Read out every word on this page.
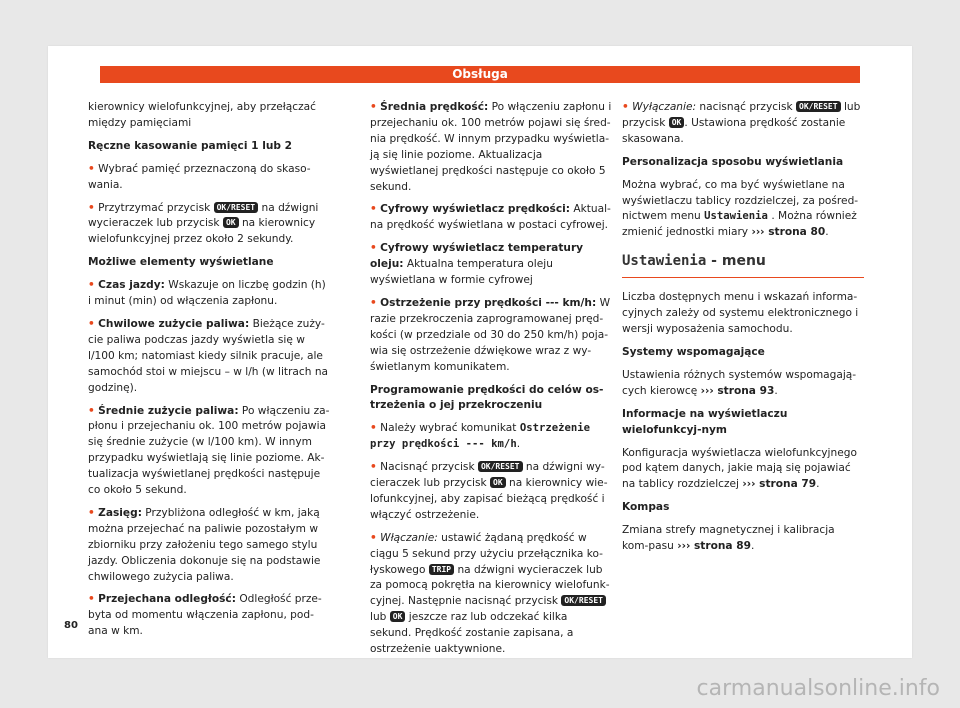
Obsługa

kierownicy wielofunkcyjnej, aby przełączać między pamięciami

Ręczne kasowanie pamięci 1 lub 2

• Wybrać pamięć przeznaczoną do skaso-wania.

• Przytrzymać przycisk OK/RESET na dźwigni wycieraczek lub przycisk OK na kierownicy wielofunkcyjnej przez około 2 sekundy.

Możliwe elementy wyświetlane

• Czas jazdy: Wskazuje on liczbę godzin (h) i minut (min) od włączenia zapłonu.

• Chwilowe zużycie paliwa: Bieżące zuży-cie paliwa podczas jazdy wyświetla się w l/100 km; natomiast kiedy silnik pracuje, ale samochód stoi w miejscu – w l/h (w litrach na godzinę).

• Średnie zużycie paliwa: Po włączeniu za-płonu i przejechaniu ok. 100 metrów pojawia się średnie zużycie (w l/100 km). W innym przypadku wyświetlają się linie poziome. Ak-tualizacja wyświetlanej prędkości następuje co około 5 sekund.

• Zasięg: Przybliżona odległość w km, jaką można przejechać na paliwie pozostałym w zbiorniku przy założeniu tego samego stylu jazdy. Obliczenia dokonuje się na podstawie chwilowego zużycia paliwa.

• Przejechana odległość: Odległość prze-byta od momentu włączenia zapłonu, pod-ana w km.

• Średnia prędkość: Po włączeniu zapłonu i przejechaniu ok. 100 metrów pojawi się śred-nia prędkość. W innym przypadku wyświetla-ją się linie poziome. Aktualizacja wyświetlanej prędkości następuje co około 5 sekund.

• Cyfrowy wyświetlacz prędkości: Aktual-na prędkość wyświetlana w postaci cyfrowej.

• Cyfrowy wyświetlacz temperatury oleju: Aktualna temperatura oleju wyświetlana w formie cyfrowej

• Ostrzeżenie przy prędkości --- km/h: W razie przekroczenia zaprogramowanej pręd-kości (w przedziale od 30 do 250 km/h) poja-wia się ostrzeżenie dźwiękowe wraz z wy-świetlanym komunikatem.

Programowanie prędkości do celów os-trzeżenia o jej przekroczeniu

• Należy wybrać komunikat Ostrzeżenie przy prędkości --- km/h.

• Nacisnąć przycisk OK/RESET na dźwigni wy-cieraczek lub przycisk OK na kierownicy wie-lofunkcyjnej, aby zapisać bieżącą prędkość i włączyć ostrzeżenie.

• Włączanie: ustawić żądaną prędkość w ciągu 5 sekund przy użyciu przełącznika ko-łyskowego TRIP na dźwigni wycieraczek lub za pomocą pokrętła na kierownicy wielofunk-cyjnej. Następnie nacisnąć przycisk OK/RESET lub OK jeszcze raz lub odczekać kilka sekund. Prędkość zostanie zapisana, a ostrzeżenie uaktywnione.

• Wyłączanie: nacisnąć przycisk OK/RESET lub przycisk OK . Ustawiona prędkość zostanie skasowana.

Personalizacja sposobu wyświetlania

Można wybrać, co ma być wyświetlane na wyświetlaczu tablicy rozdzielczej, za pośred-nictwem menu Ustawienia . Można również zmienić jednostki miary ››› strona 80.

Ustawienia - menu

Liczba dostępnych menu i wskazań informa-cyjnych zależy od systemu elektronicznego i wersji wyposażenia samochodu.

Systemy wspomagające

Ustawienia różnych systemów wspomagają-cych kierowcę ››› strona 93.

Informacje na wyświetlaczu wielofunkcyj-nym

Konfiguracja wyświetlacza wielofunkcyjnego pod kątem danych, jakie mają się pojawiać na tablicy rozdzielczej ››› strona 79.

Kompas

Zmiana strefy magnetycznej i kalibracja kom-pasu ››› strona 89.

80
carmanualsonline.info
